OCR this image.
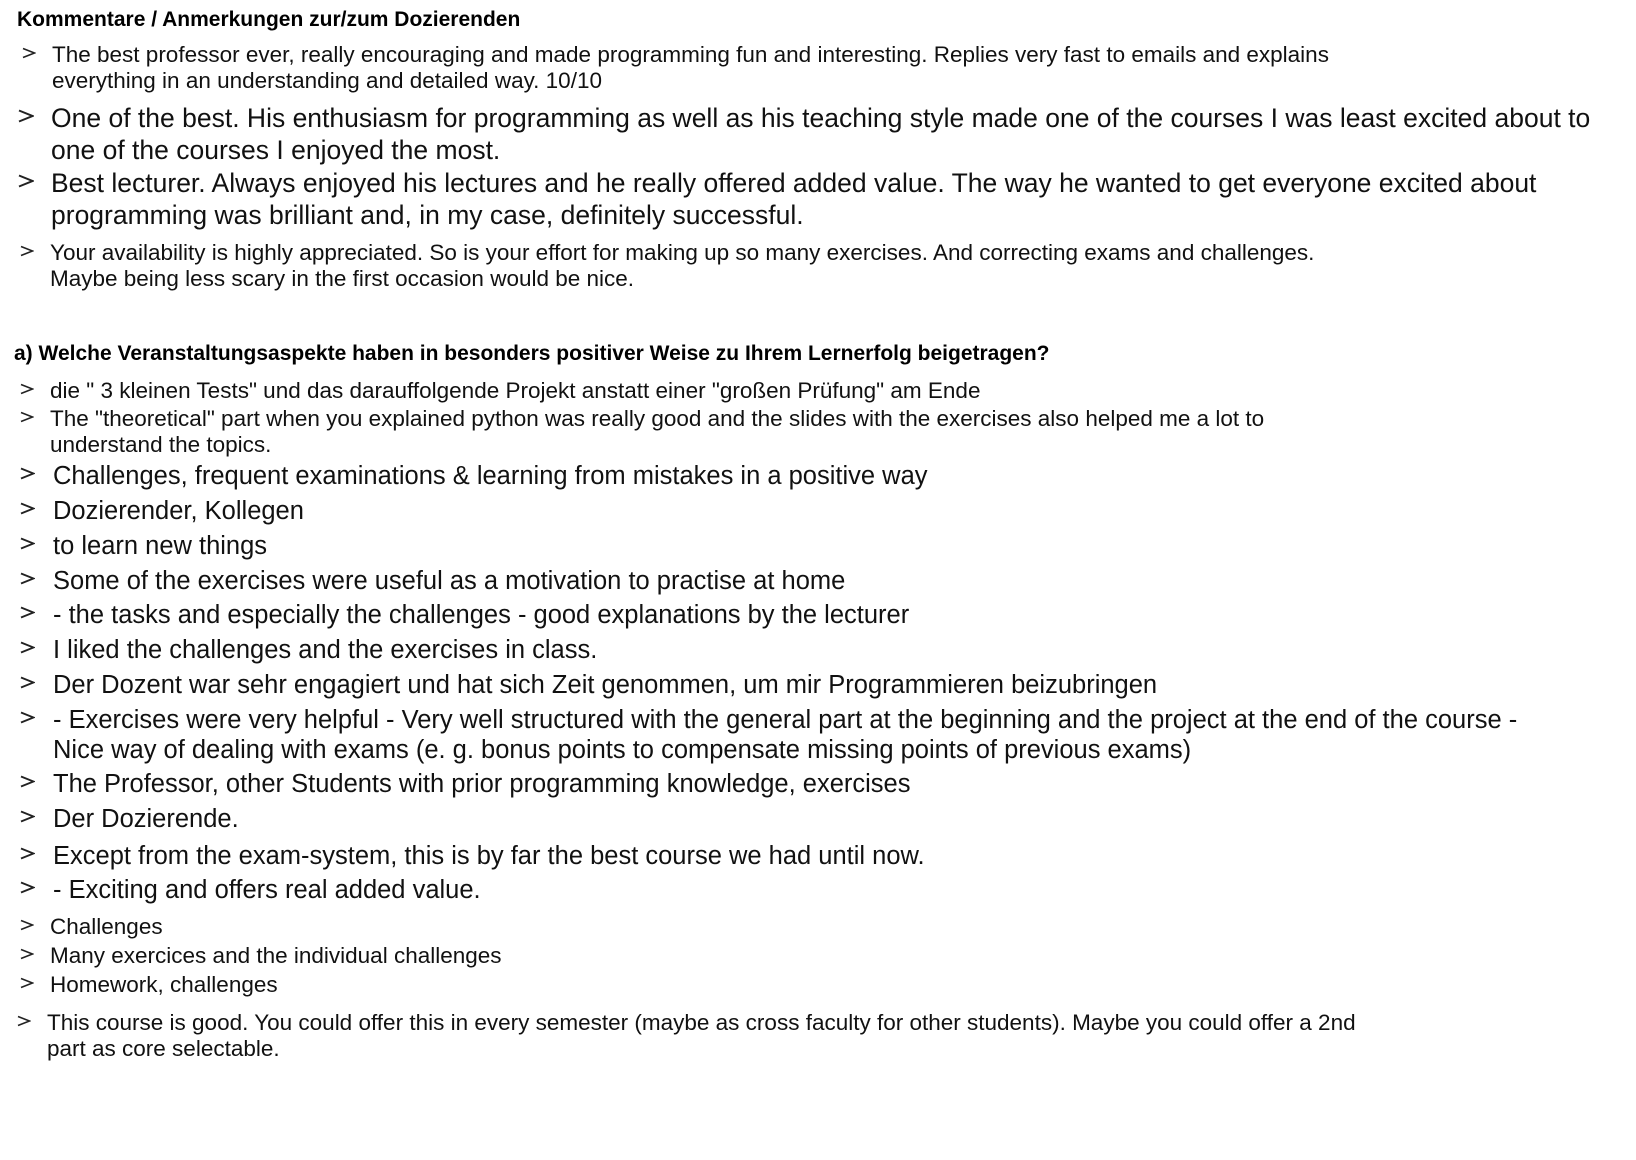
Kommentare / Anmerkungen zur/zum Dozierenden
The best professor ever, really encouraging and made programming fun and interesting. Replies very fast to emails and explains
everything in an understanding and detailed way. 10/10
One of the best. His enthusiasm for programming as well as his teaching style made one of the courses I was least excited about to
one of the courses I enjoyed the most.
Best lecturer. Always enjoyed his lectures and he really offered added value. The way he wanted to get everyone excited about
programming was brilliant and, in my case, definitely successful.
Your availability is highly appreciated. So is your effort for making up so many exercises. And correcting exams and challenges.
Maybe being less scary in the first occasion would be nice.
a) Welche Veranstaltungsaspekte haben in besonders positiver Weise zu Ihrem Lernerfolg beigetragen?
die " 3 kleinen Tests" und das darauffolgende Projekt anstatt einer "großen Prüfung" am Ende
The "theoretical" part when you explained python was really good and the slides with the exercises also helped me a lot to
understand the topics.
Challenges, frequent examinations & learning from mistakes in a positive way
Dozierender, Kollegen
to learn new things
Some of the exercises were useful as a motivation to practise at home
- the tasks and especially the challenges - good explanations by the lecturer
I liked the challenges and the exercises in class.
Der Dozent war sehr engagiert und hat sich Zeit genommen, um mir Programmieren beizubringen
- Exercises were very helpful - Very well structured with the general part at the beginning and the project at the end of the course -
Nice way of dealing with exams (e. g. bonus points to compensate missing points of previous exams)
The Professor, other Students with prior programming knowledge, exercises
Der Dozierende.
Except from the exam-system, this is by far the best course we had until now.
- Exciting and offers real added value.
Challenges
Many exercices and the individual challenges
Homework, challenges
This course is good. You could offer this in every semester (maybe as cross faculty for other students). Maybe you could offer a 2nd
part as core selectable.
